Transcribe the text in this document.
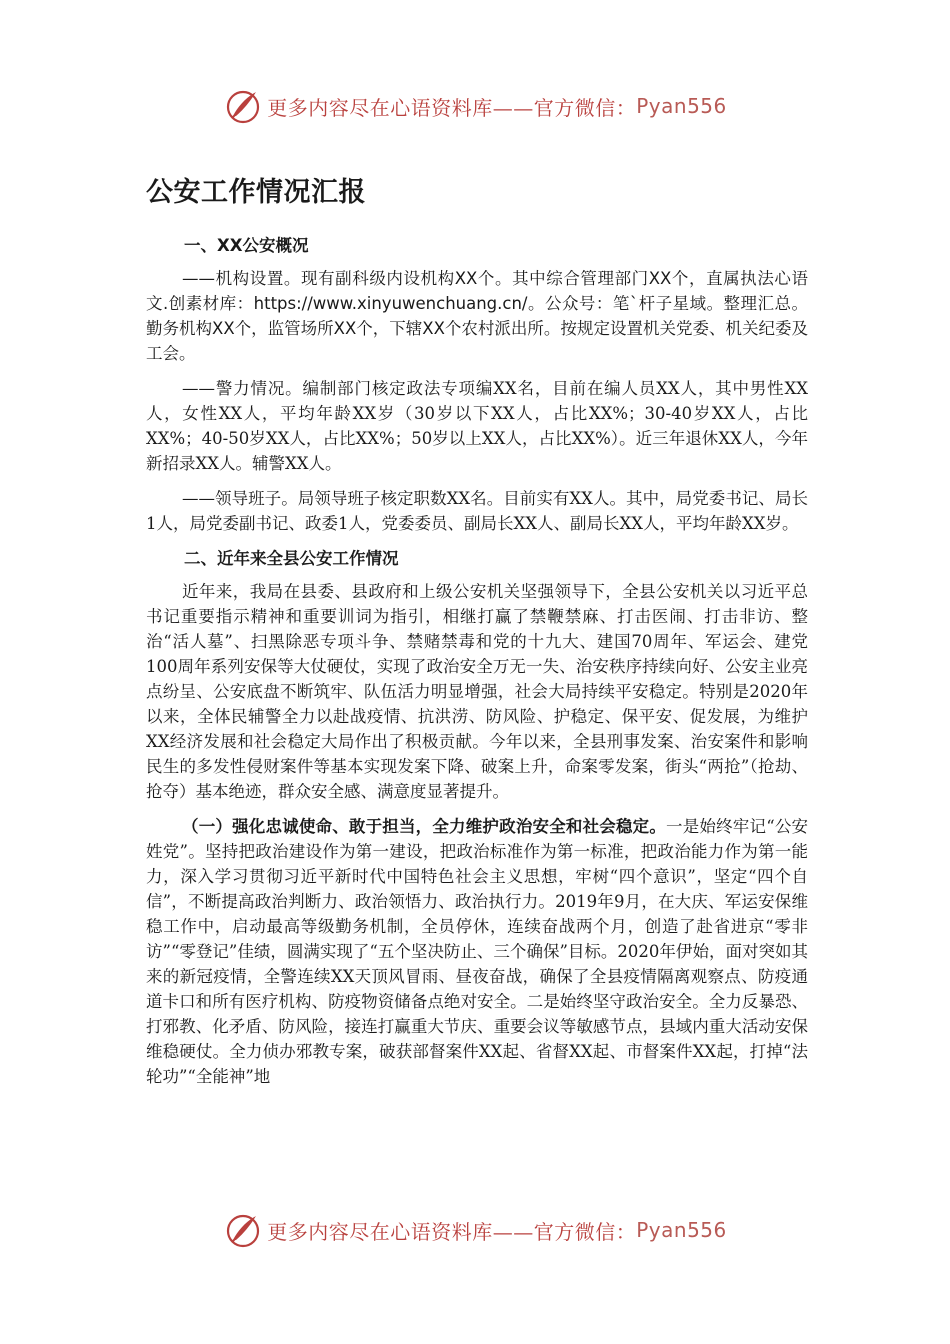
更多内容尽在心语资料库——官方微信： Pyan556
公安工作情况汇报
一、XX公安概况

——机构设置。现有副科级内设机构XX个。其中综合管理部门XX个，直属执法心语文.创素材库：https://www.xinyuwenchuang.cn/。公众号：笔`杆子星域。整理汇总。勤务机构XX个，监管场所XX个，下辖XX个农村派出所。按规定设置机关党委、机关纪委及工会。

——警力情况。编制部门核定政法专项编XX名，目前在编人员XX人，其中男性XX人，女性XX人，平均年龄XX岁（30岁以下XX人，占比XX%；30-40岁XX人，占比XX%；40-50岁XX人，占比XX%；50岁以上XX人，占比XX%）。近三年退休XX人，今年新招录XX人。辅警XX人。

——领导班子。局领导班子核定职数XX名。目前实有XX人。其中，局党委书记、局长1人，局党委副书记、政委1人，党委委员、副局长XX人、副局长XX人，平均年龄XX岁。

二、近年来全县公安工作情况

近年来，我局在县委、县政府和上级公安机关坚强领导下，全县公安机关以习近平总书记重要指示精神和重要训词为指引，相继打赢了禁鞭禁麻、打击医闹、打击非访、整治“活人墓”、扫黑除恶专项斗争、禁赌禁毒和党的十九大、建国70周年、军运会、建党100周年系列安保等大仗硬仗，实现了政治安全万无一失、治安秩序持续向好、公安主业亮点纷呈、公安底盘不断筑牢、队伍活力明显增强，社会大局持续平安稳定。特别是2020年以来，全体民辅警全力以赴战疫情、抗洪涝、防风险、护稳定、保平安、促发展，为维护XX经济发展和社会稳定大局作出了积极贡献。今年以来，全县刑事发案、治安案件和影响民生的多发性侵财案件等基本实现发案下降、破案上升，命案零发案，街头“两抢”（抢劫、抢夺）基本绝迹，群众安全感、满意度显著提升。

（一）强化忠诚使命、敢于担当，全力维护政治安全和社会稳定。一是始终牢记“公安姓党”。坚持把政治建设作为第一建设，把政治标准作为第一标准，把政治能力作为第一能力，深入学习贯彻习近平新时代中国特色社会主义思想，牢树“四个意识”，坚定“四个自信”，不断提高政治判断力、政治领悟力、政治执行力。2019年9月，在大庆、军运安保维稳工作中，启动最高等级勤务机制，全员停休，连续奋战两个月，创造了赴省进京“零非访”“零登记”佳绩，圆满实现了“五个坚决防止、三个确保”目标。2020年伊始，面对突如其来的新冠疫情，全警连续XX天顶风冒雨、昼夜奋战，确保了全县疫情隔离观察点、防疫通道卡口和所有医疗机构、防疫物资储备点绝对安全。二是始终坚守政治安全。全力反暴恐、打邪教、化矛盾、防风险，接连打赢重大节庆、重要会议等敏感节点，县域内重大活动安保维稳硬仗。全力侦办邪教专案，破获部督案件XX起、省督XX起、市督案件XX起，打掉“法轮功”“全能神”地

更多内容尽在心语资料库——官方微信： Pyan556
